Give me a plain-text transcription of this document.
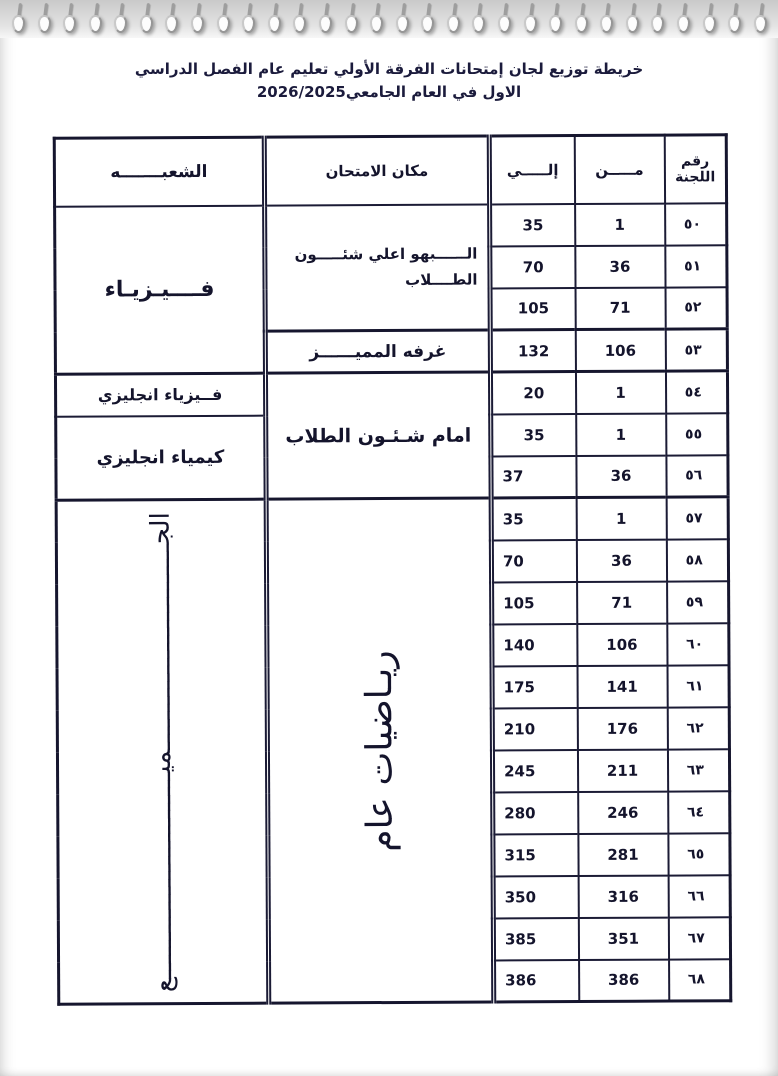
خريطة توزيع لجان إمتحانات الفرقة الأولي تعليم عام الفصل الدراسي
الاول في العام الجامعي2026/2025
رقم اللجنة	مـــــن	إلـــــي	مكان الامتحان	الشعبـــــــه
٥٠	1	35	الــــــبهو اعلي شئـــــون الطــــلاب	فــــيـزيـاء
٥١	36	70		
٥٢	71	105		
٥٣	106	132	غرفه المميــــــز	
٥٤	1	20	امام شـئـون الطلاب	فــيزياء انجليزي
٥٥	1	35		كيمياء انجليزي
٥٦	36	37		
٥٧	1	35	ريـاضيات عام	الجـــــــــــــــــــــــــــميـــــــــــــــــــــــــــع

٥٨	36	70		
٥٩	71	105		
٦٠	106	140		
٦١	141	175		
٦٢	176	210		
٦٣	211	245		
٦٤	246	280		
٦٥	281	315		
٦٦	316	350		
٦٧	351	385		
٦٨	386	386		
